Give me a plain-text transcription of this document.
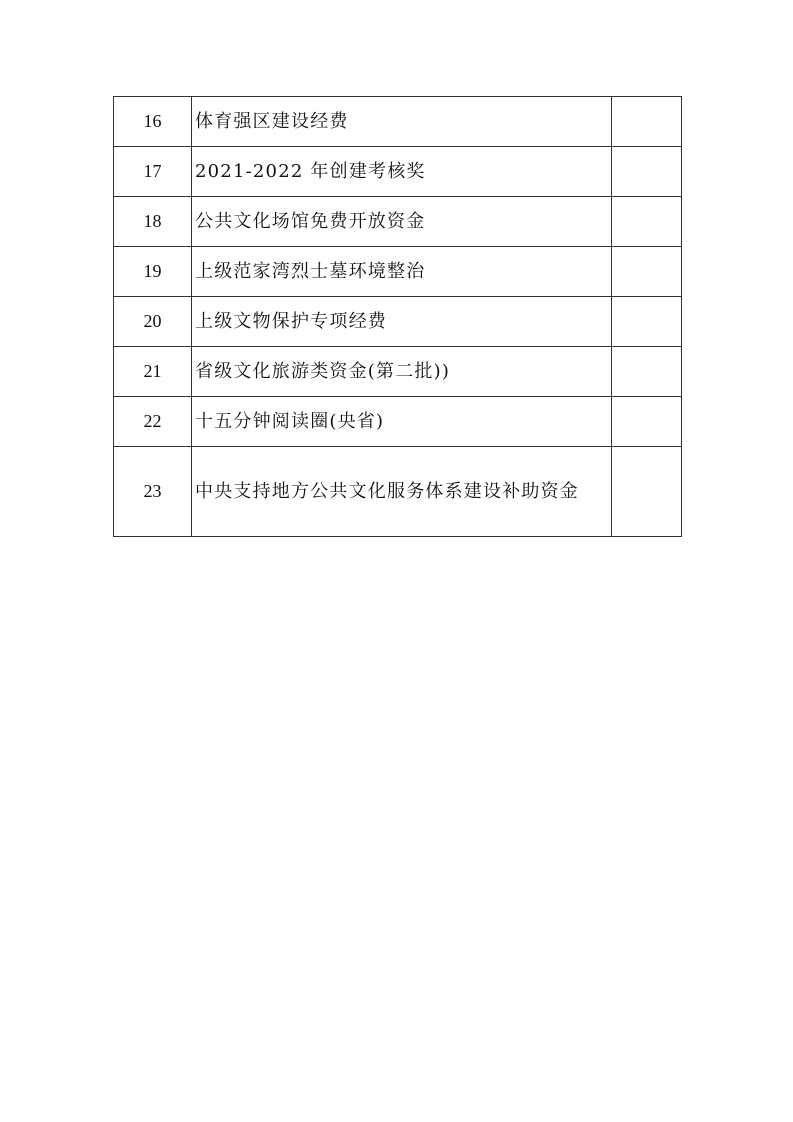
16	体育强区建设经费	
17	2021-2022 年创建考核奖	
18	公共文化场馆免费开放资金	
19	上级范家湾烈士墓环境整治	
20	上级文物保护专项经费	
21	省级文化旅游类资金(第二批))	
22	十五分钟阅读圈(央省)	
23	中央支持地方公共文化服务体系建设补助资金	
